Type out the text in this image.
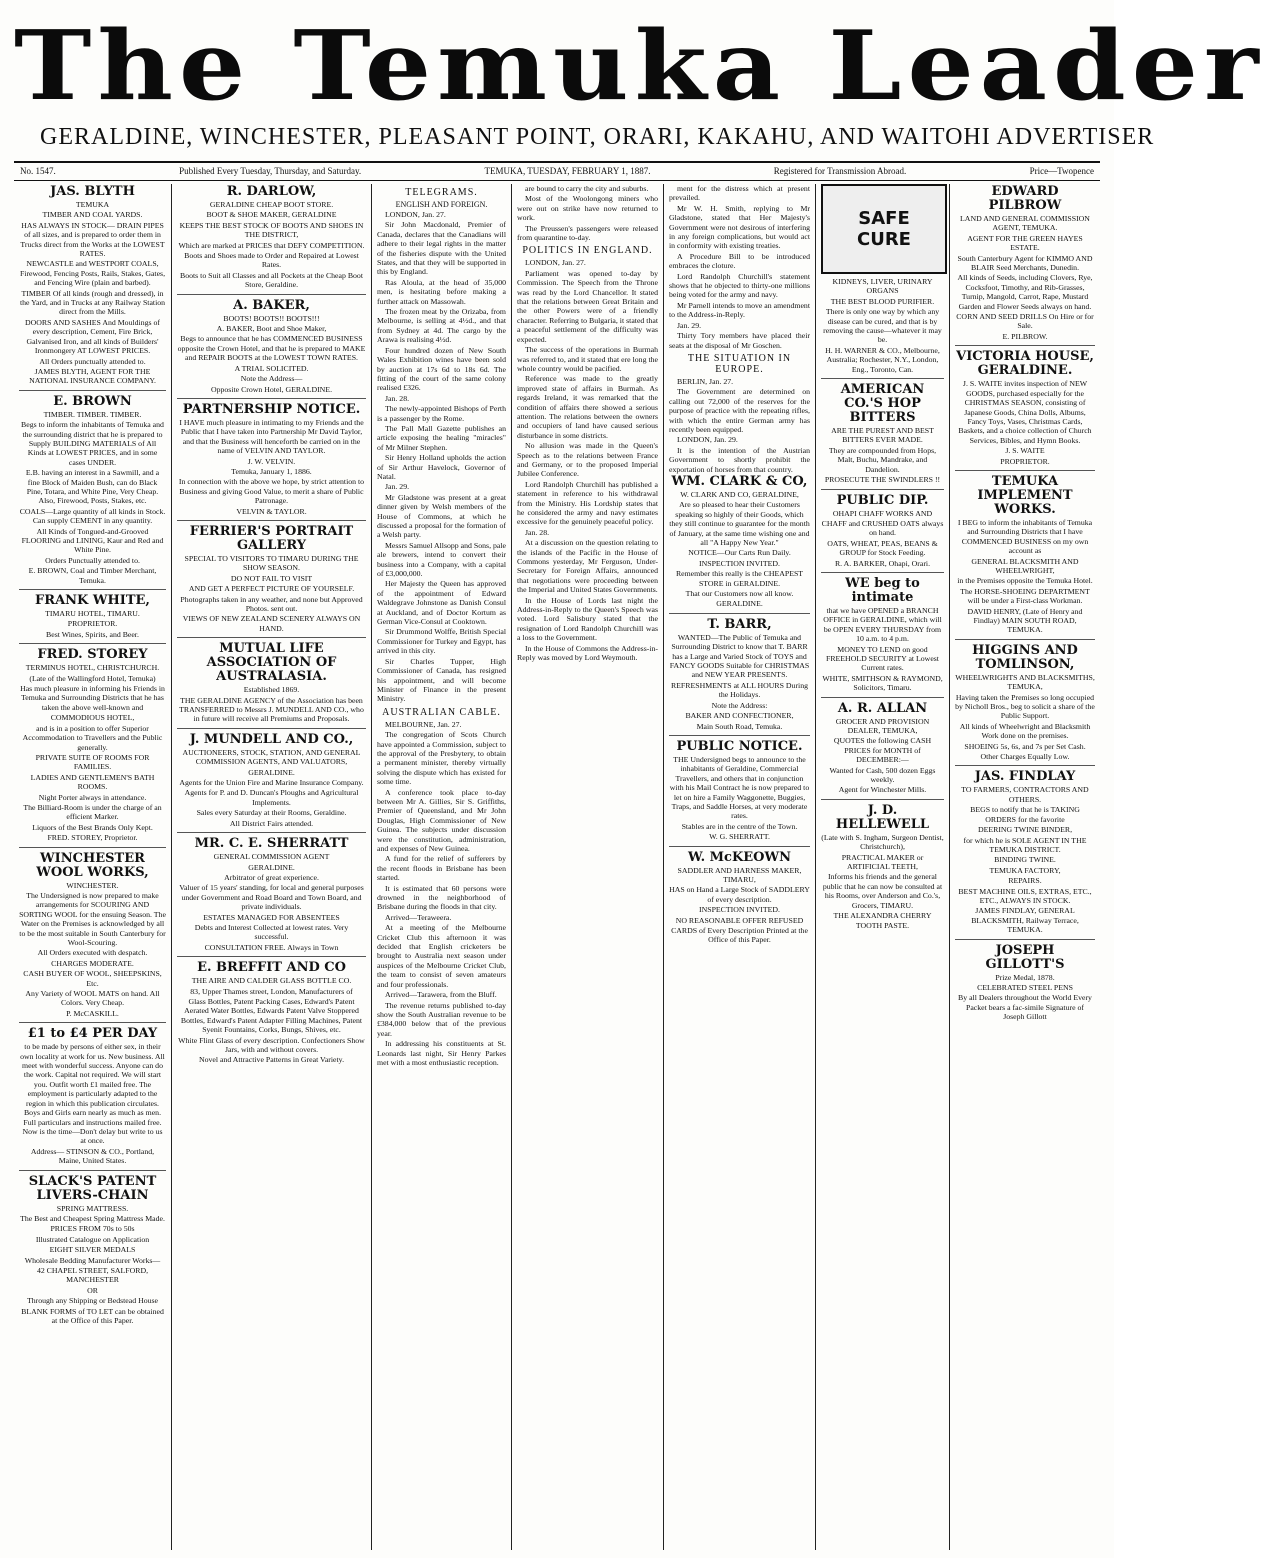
The Temuka Leader
GERALDINE, WINCHESTER, PLEASANT POINT, ORARI, KAKAHU, AND WAITOHI ADVERTISER
No. 1547.	Published Every Tuesday, Thursday, and Saturday.	TEMUKA, TUESDAY, FEBRUARY 1, 1887.	Registered for Transmission Abroad.	Price—Twopence
JAS. BLYTH

TEMUKA

TIMBER AND COAL YARDS.

HAS ALWAYS IN STOCK— DRAIN PIPES of all sizes, and is prepared to order them in Trucks direct from the Works at the LOWEST RATES.

NEWCASTLE and WESTPORT COALS, Firewood, Fencing Posts, Rails, Stakes, Gates, and Fencing Wire (plain and barbed).

TIMBER Of all kinds (rough and dressed), in the Yard, and in Trucks at any Railway Station direct from the Mills.

DOORS AND SASHES And Mouldings of every description, Cement, Fire Brick, Galvanised Iron, and all kinds of Builders' Ironmongery AT LOWEST PRICES.

All Orders punctually attended to.

JAMES BLYTH, AGENT FOR THE NATIONAL INSURANCE COMPANY.

E. BROWN

TIMBER. TIMBER. TIMBER.

Begs to inform the inhabitants of Temuka and the surrounding district that he is prepared to Supply BUILDING MATERIALS of All Kinds at LOWEST PRICES, and in some cases UNDER.

E.B. having an interest in a Sawmill, and a fine Block of Maiden Bush, can do Black Pine, Totara, and White Pine, Very Cheap. Also, Firewood, Posts, Stakes, etc.

COALS—Large quantity of all kinds in Stock. Can supply CEMENT in any quantity.

All Kinds of Tongued-and-Grooved FLOORING and LINING, Kaur and Red and White Pine.

Orders Punctually attended to.

E. BROWN, Coal and Timber Merchant, Temuka.

FRANK WHITE,

TIMARU HOTEL, TIMARU.

PROPRIETOR.

Best Wines, Spirits, and Beer.

FRED. STOREY

TERMINUS HOTEL, CHRISTCHURCH.

(Late of the Wallingford Hotel, Temuka)

Has much pleasure in informing his Friends in Temuka and Surrounding Districts that he has taken the above well-known and

COMMODIOUS HOTEL,

and is in a position to offer Superior Accommodation to Travellers and the Public generally.

PRIVATE SUITE OF ROOMS FOR FAMILIES.

LADIES AND GENTLEMEN'S BATH ROOMS.

Night Porter always in attendance.

The Billiard-Room is under the charge of an efficient Marker.

Liquors of the Best Brands Only Kept.

FRED. STOREY, Proprietor.

WINCHESTER WOOL WORKS,

WINCHESTER.

The Undersigned is now prepared to make arrangements for SCOURING AND SORTING WOOL for the ensuing Season. The Water on the Premises is acknowledged by all to be the most suitable in South Canterbury for Wool-Scouring.

All Orders executed with despatch.

CHARGES MODERATE.

CASH BUYER OF WOOL, SHEEPSKINS, Etc.

Any Variety of WOOL MATS on hand. All Colors. Very Cheap.

P. McCASKILL.

£1 to £4 PER DAY

to be made by persons of either sex, in their own locality at work for us. New business. All meet with wonderful success. Anyone can do the work. Capital not required. We will start you. Outfit worth £1 mailed free. The employment is particularly adapted to the region in which this publication circulates. Boys and Girls earn nearly as much as men. Full particulars and instructions mailed free. Now is the time—Don't delay but write to us at once.

Address— STINSON & CO., Portland, Maine, United States.

SLACK'S PATENT LIVERS-CHAIN

SPRING MATTRESS.

The Best and Cheapest Spring Mattress Made.

PRICES FROM 70s to 50s

Illustrated Catalogue on Application

EIGHT SILVER MEDALS

Wholesale Bedding Manufacturer Works—

42 CHAPEL STREET, SALFORD, MANCHESTER

OR

Through any Shipping or Bedstead House

BLANK FORMS of TO LET can be obtained at the Office of this Paper.

R. DARLOW,

GERALDINE CHEAP BOOT STORE.

BOOT & SHOE MAKER, GERALDINE

KEEPS THE BEST STOCK OF BOOTS AND SHOES IN THE DISTRICT,

Which are marked at PRICES that DEFY COMPETITION.

Boots and Shoes made to Order and Repaired at Lowest Rates.

Boots to Suit all Classes and all Pockets at the Cheap Boot Store, Geraldine.

A. BAKER,

BOOTS! BOOTS!! BOOTS!!!

A. BAKER, Boot and Shoe Maker,

Begs to announce that he has COMMENCED BUSINESS opposite the Crown Hotel, and that he is prepared to MAKE and REPAIR BOOTS at the LOWEST TOWN RATES.

A TRIAL SOLICITED.

Note the Address—

Opposite Crown Hotel, GERALDINE.

PARTNERSHIP NOTICE.

I HAVE much pleasure in intimating to my Friends and the Public that I have taken into Partnership Mr David Taylor, and that the Business will henceforth be carried on in the name of VELVIN AND TAYLOR.

J. W. VELVIN.

Temuka, January 1, 1886.

In connection with the above we hope, by strict attention to Business and giving Good Value, to merit a share of Public Patronage.

VELVIN & TAYLOR.

FERRIER'S PORTRAIT GALLERY

SPECIAL TO VISITORS TO TIMARU DURING THE SHOW SEASON.

DO NOT FAIL TO VISIT

AND GET A PERFECT PICTURE OF YOURSELF.

Photographs taken in any weather, and none but Approved Photos. sent out.

VIEWS OF NEW ZEALAND SCENERY ALWAYS ON HAND.

MUTUAL LIFE ASSOCIATION OF AUSTRALASIA.

Established 1869.

THE GERALDINE AGENCY of the Association has been TRANSFERRED to Messrs J. MUNDELL AND CO., who in future will receive all Premiums and Proposals.

J. MUNDELL AND CO.,

AUCTIONEERS, STOCK, STATION, AND GENERAL COMMISSION AGENTS, AND VALUATORS,

GERALDINE.

Agents for the Union Fire and Marine Insurance Company.

Agents for P. and D. Duncan's Ploughs and Agricultural Implements.

Sales every Saturday at their Rooms, Geraldine.

All District Fairs attended.

MR. C. E. SHERRATT

GENERAL COMMISSION AGENT

GERALDINE.

Arbitrator of great experience.

Valuer of 15 years' standing, for local and general purposes under Government and Road Board and Town Board, and private individuals.

ESTATES MANAGED FOR ABSENTEES

Debts and Interest Collected at lowest rates. Very successful.

CONSULTATION FREE. Always in Town

E. BREFFIT AND CO

THE AIRE AND CALDER GLASS BOTTLE CO.

83, Upper Thames street, London, Manufacturers of

Glass Bottles, Patent Packing Cases, Edward's Patent Aerated Water Bottles, Edwards Patent Valve Stoppered Bottles, Edward's Patent Adapter Filling Machines, Patent Syenit Fountains, Corks, Bungs, Shives, etc.

White Flint Glass of every description. Confectioners Show Jars, with and without covers.

Novel and Attractive Patterns in Great Variety.

TELEGRAMS.
ENGLISH AND FOREIGN.

LONDON, Jan. 27.

Sir John Macdonald, Premier of Canada, declares that the Canadians will adhere to their legal rights in the matter of the fisheries dispute with the United States, and that they will be supported in this by England.

Ras Aloula, at the head of 35,000 men, is hesitating before making a further attack on Massowah.

The frozen meat by the Orizaba, from Melbourne, is selling at 4½d., and that from Sydney at 4d. The cargo by the Arawa is realising 4½d.

Four hundred dozen of New South Wales Exhibition wines have been sold by auction at 17s 6d to 18s 6d. The fitting of the court of the same colony realised £326.

Jan. 28.

The newly-appointed Bishops of Perth is a passenger by the Rome.

The Pall Mall Gazette publishes an article exposing the healing "miracles" of Mr Milner Stephen.

Sir Henry Holland upholds the action of Sir Arthur Havelock, Governor of Natal.

Jan. 29.

Mr Gladstone was present at a great dinner given by Welsh members of the House of Commons, at which he discussed a proposal for the formation of a Welsh party.

Messrs Samuel Allsopp and Sons, pale ale brewers, intend to convert their business into a Company, with a capital of £3,000,000.

Her Majesty the Queen has approved of the appointment of Edward Waldegrave Johnstone as Danish Consul at Auckland, and of Doctor Kortum as German Vice-Consul at Cooktown.

Sir Drummond Wolffe, British Special Commissioner for Turkey and Egypt, has arrived in this city.

Sir Charles Tupper, High Commissioner of Canada, has resigned his appointment, and will become Minister of Finance in the present Ministry.

AUSTRALIAN CABLE.

MELBOURNE, Jan. 27.

The congregation of Scots Church have appointed a Commission, subject to the approval of the Presbytery, to obtain a permanent minister, thereby virtually solving the dispute which has existed for some time.

A conference took place to-day between Mr A. Gillies, Sir S. Griffiths, Premier of Queensland, and Mr John Douglas, High Commissioner of New Guinea. The subjects under discussion were the constitution, administration, and expenses of New Guinea.

A fund for the relief of sufferers by the recent floods in Brisbane has been started.

It is estimated that 60 persons were drowned in the neighborhood of Brisbane during the floods in that city.

Arrived—Teraweera.

At a meeting of the Melbourne Cricket Club this afternoon it was decided that English cricketers be brought to Australia next season under auspices of the Melbourne Cricket Club, the team to consist of seven amateurs and four professionals.

Arrived—Tarawera, from the Bluff.

The revenue returns published to-day show the South Australian revenue to be £384,000 below that of the previous year.

In addressing his constituents at St. Leonards last night, Sir Henry Parkes met with a most enthusiastic reception.

are bound to carry the city and suburbs.

Most of the Woolongong miners who were out on strike have now returned to work.

The Preussen's passengers were released from quarantine to-day.

POLITICS IN ENGLAND.

LONDON, Jan. 27.

Parliament was opened to-day by Commission. The Speech from the Throne was read by the Lord Chancellor. It stated that the relations between Great Britain and the other Powers were of a friendly character. Referring to Bulgaria, it stated that a peaceful settlement of the difficulty was expected.

The success of the operations in Burmah was referred to, and it stated that ere long the whole country would be pacified.

Reference was made to the greatly improved state of affairs in Burmah. As regards Ireland, it was remarked that the condition of affairs there showed a serious attention. The relations between the owners and occupiers of land have caused serious disturbance in some districts.

No allusion was made in the Queen's Speech as to the relations between France and Germany, or to the proposed Imperial Jubilee Conference.

Lord Randolph Churchill has published a statement in reference to his withdrawal from the Ministry. His Lordship states that he considered the army and navy estimates excessive for the genuinely peaceful policy.

Jan. 28.

At a discussion on the question relating to the islands of the Pacific in the House of Commons yesterday, Mr Ferguson, Under-Secretary for Foreign Affairs, announced that negotiations were proceeding between the Imperial and United States Governments.

In the House of Lords last night the Address-in-Reply to the Queen's Speech was voted. Lord Salisbury stated that the resignation of Lord Randolph Churchill was a loss to the Government.

In the House of Commons the Address-in-Reply was moved by Lord Weymouth.

ment for the distress which at present prevailed.

Mr W. H. Smith, replying to Mr Gladstone, stated that Her Majesty's Government were not desirous of interfering in any foreign complications, but would act in conformity with existing treaties.

A Procedure Bill to be introduced embraces the cloture.

Lord Randolph Churchill's statement shows that he objected to thirty-one millions being voted for the army and navy.

Mr Parnell intends to move an amendment to the Address-in-Reply.

Jan. 29.

Thirty Tory members have placed their seats at the disposal of Mr Goschen.

THE SITUATION IN EUROPE.

BERLIN, Jan. 27.

The Government are determined on calling out 72,000 of the reserves for the purpose of practice with the repeating rifles, with which the entire German army has recently been equipped.

LONDON, Jan. 29.

It is the intention of the Austrian Government to shortly prohibit the exportation of horses from that country.

WM. CLARK & CO,

W. CLARK AND CO, GERALDINE,

Are so pleased to hear their Customers speaking so highly of their Goods, which they still continue to guarantee for the month of January, at the same time wishing one and all "A Happy New Year."

NOTICE—Our Carts Run Daily.

INSPECTION INVITED.

Remember this really is the CHEAPEST STORE in GERALDINE.

That our Customers now all know.

GERALDINE.

T. BARR,

WANTED—The Public of Temuka and Surrounding District to know that T. BARR has a Large and Varied Stock of TOYS and FANCY GOODS Suitable for CHRISTMAS and NEW YEAR PRESENTS.

REFRESHMENTS at ALL HOURS During the Holidays.

Note the Address:

BAKER AND CONFECTIONER,

Main South Road, Temuka.

PUBLIC NOTICE.

THE Undersigned begs to announce to the inhabitants of Geraldine, Commercial Travellers, and others that in conjunction with his Mail Contract he is now prepared to let on hire a Family Waggonette, Buggies, Traps, and Saddle Horses, at very moderate rates.

Stables are in the centre of the Town.

W. G. SHERRATT.

W. McKEOWN

SADDLER AND HARNESS MAKER, TIMARU,

HAS on Hand a Large Stock of SADDLERY of every description.

INSPECTION INVITED.

NO REASONABLE OFFER REFUSED

CARDS of Every Description Printed at the Office of this Paper.

SAFE
CURE

KIDNEYS, LIVER, URINARY ORGANS

THE BEST BLOOD PURIFIER.

There is only one way by which any disease can be cured, and that is by removing the cause—whatever it may be.

H. H. WARNER & CO., Melbourne, Australia; Rochester, N.Y., London, Eng., Toronto, Can.

AMERICAN CO.'S HOP BITTERS

ARE THE PUREST AND BEST BITTERS EVER MADE.

They are compounded from Hops, Malt, Buchu, Mandrake, and Dandelion.

PROSECUTE THE SWINDLERS !!

PUBLIC DIP.

OHAPI CHAFF WORKS AND

CHAFF and CRUSHED OATS always on hand.

OATS, WHEAT, PEAS, BEANS & GROUP for Stock Feeding.

R. A. BARKER, Ohapi, Orari.

WE beg to intimate

that we have OPENED a BRANCH OFFICE in GERALDINE, which will be OPEN EVERY THURSDAY from 10 a.m. to 4 p.m.

MONEY TO LEND on good FREEHOLD SECURITY at Lowest Current rates.

WHITE, SMITHSON & RAYMOND, Solicitors, Timaru.

A. R. ALLAN

GROCER AND PROVISION DEALER, TEMUKA,

QUOTES the following CASH PRICES for MONTH of DECEMBER:—

Wanted for Cash, 500 dozen Eggs weekly.

Agent for Winchester Mills.

J. D. HELLEWELL

(Late with S. Ingham, Surgeon Dentist, Christchurch),

PRACTICAL MAKER or ARTIFICIAL TEETH,

Informs his friends and the general public that he can now be consulted at his Rooms, over Anderson and Co.'s, Grocers, TIMARU.

THE ALEXANDRA CHERRY TOOTH PASTE.

EDWARD PILBROW

LAND AND GENERAL COMMISSION AGENT, TEMUKA.

AGENT FOR THE GREEN HAYES ESTATE.

South Canterbury Agent for KIMMO AND BLAIR Seed Merchants, Dunedin.

All kinds of Seeds, including Clovers, Rye, Cocksfoot, Timothy, and Rib-Grasses, Turnip, Mangold, Carrot, Rape, Mustard Garden and Flower Seeds always on hand.

CORN AND SEED DRILLS On Hire or for Sale.

E. PILBROW.

VICTORIA HOUSE, GERALDINE.

J. S. WAITE invites inspection of NEW GOODS, purchased especially for the CHRISTMAS SEASON, consisting of Japanese Goods, China Dolls, Albums, Fancy Toys, Vases, Christmas Cards, Baskets, and a choice collection of Church Services, Bibles, and Hymn Books.

J. S. WAITE

PROPRIETOR.

TEMUKA IMPLEMENT WORKS.

I BEG to inform the inhabitants of Temuka and Surrounding Districts that I have COMMENCED BUSINESS on my own account as

GENERAL BLACKSMITH AND WHEELWRIGHT,

in the Premises opposite the Temuka Hotel.

The HORSE-SHOEING DEPARTMENT will be under a First-class Workman.

DAVID HENRY, (Late of Henry and Findlay) MAIN SOUTH ROAD, TEMUKA.

HIGGINS AND TOMLINSON,

WHEELWRIGHTS AND BLACKSMITHS, TEMUKA,

Having taken the Premises so long occupied by Nicholl Bros., beg to solicit a share of the Public Support.

All kinds of Wheelwright and Blacksmith Work done on the premises.

SHOEING 5s, 6s, and 7s per Set Cash.

Other Charges Equally Low.

JAS. FINDLAY

TO FARMERS, CONTRACTORS AND OTHERS.

BEGS to notify that he is TAKING ORDERS for the favorite

DEERING TWINE BINDER,

for which he is SOLE AGENT IN THE TEMUKA DISTRICT.

BINDING TWINE.

TEMUKA FACTORY,

REPAIRS.

BEST MACHINE OILS, EXTRAS, ETC., ETC., ALWAYS IN STOCK.

JAMES FINDLAY, GENERAL BLACKSMITH, Railway Terrace, TEMUKA.

JOSEPH GILLOTT'S

Prize Medal, 1878.

CELEBRATED STEEL PENS

By all Dealers throughout the World Every Packet bears a fac-simile Signature of Joseph Gillott
